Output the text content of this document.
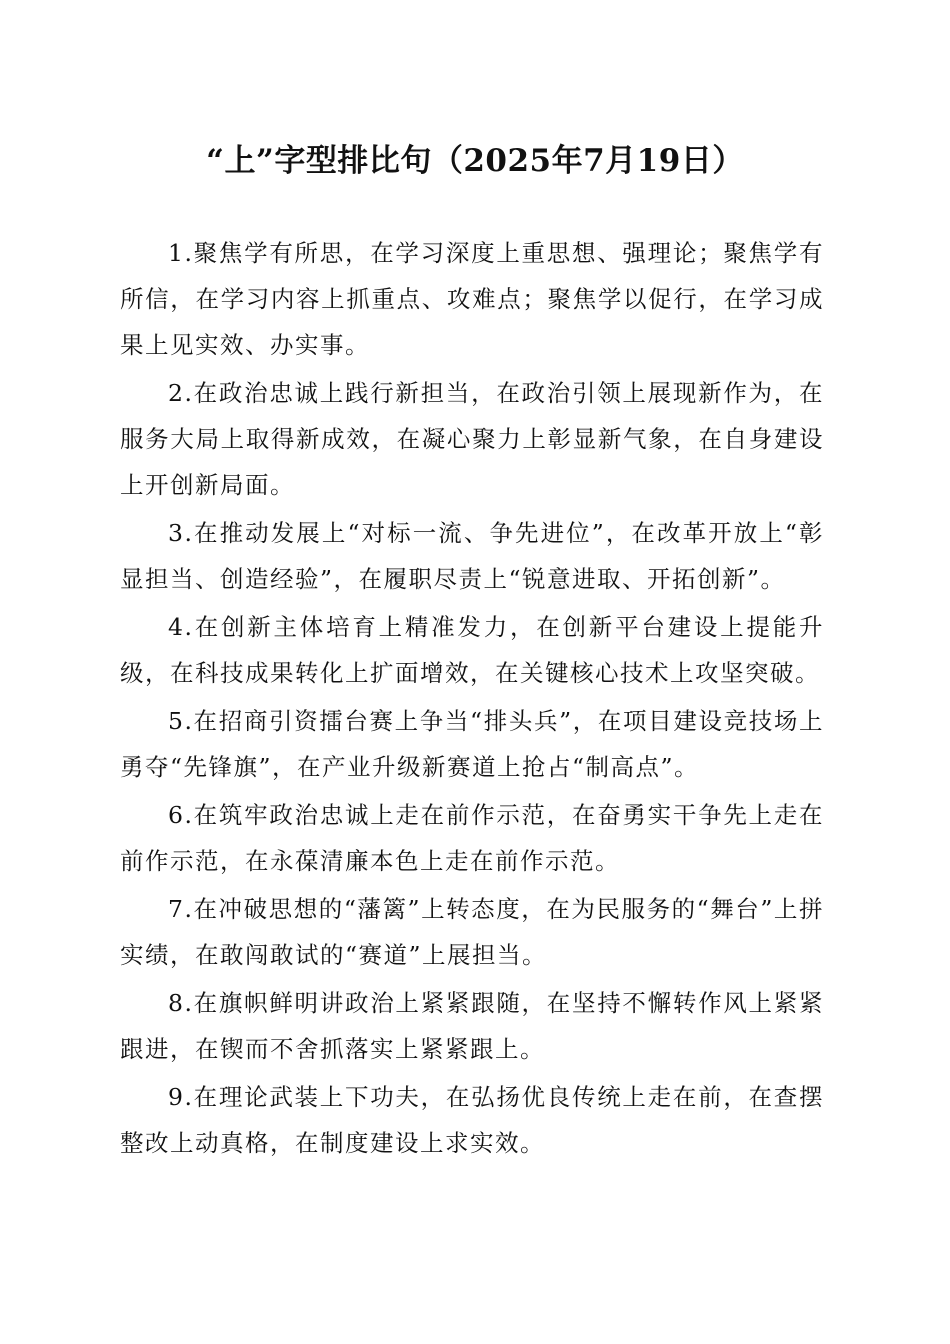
“上”字型排比句（2025年7月19日）

1.聚焦学有所思，在学习深度上重思想、强理论；聚焦学有所信，在学习内容上抓重点、攻难点；聚焦学以促行，在学习成果上见实效、办实事。

2.在政治忠诚上践行新担当，在政治引领上展现新作为，在服务大局上取得新成效，在凝心聚力上彰显新气象，在自身建设上开创新局面。

3.在推动发展上“对标一流、争先进位”，在改革开放上“彰显担当、创造经验”，在履职尽责上“锐意进取、开拓创新”。

4.在创新主体培育上精准发力，在创新平台建设上提能升级，在科技成果转化上扩面增效，在关键核心技术上攻坚突破。

5.在招商引资擂台赛上争当“排头兵”，在项目建设竞技场上勇夺“先锋旗”，在产业升级新赛道上抢占“制高点”。

6.在筑牢政治忠诚上走在前作示范，在奋勇实干争先上走在前作示范，在永葆清廉本色上走在前作示范。

7.在冲破思想的“藩篱”上转态度，在为民服务的“舞台”上拼实绩，在敢闯敢试的“赛道”上展担当。

8.在旗帜鲜明讲政治上紧紧跟随，在坚持不懈转作风上紧紧跟进，在锲而不舍抓落实上紧紧跟上。

9.在理论武装上下功夫，在弘扬优良传统上走在前，在查摆整改上动真格，在制度建设上求实效。
